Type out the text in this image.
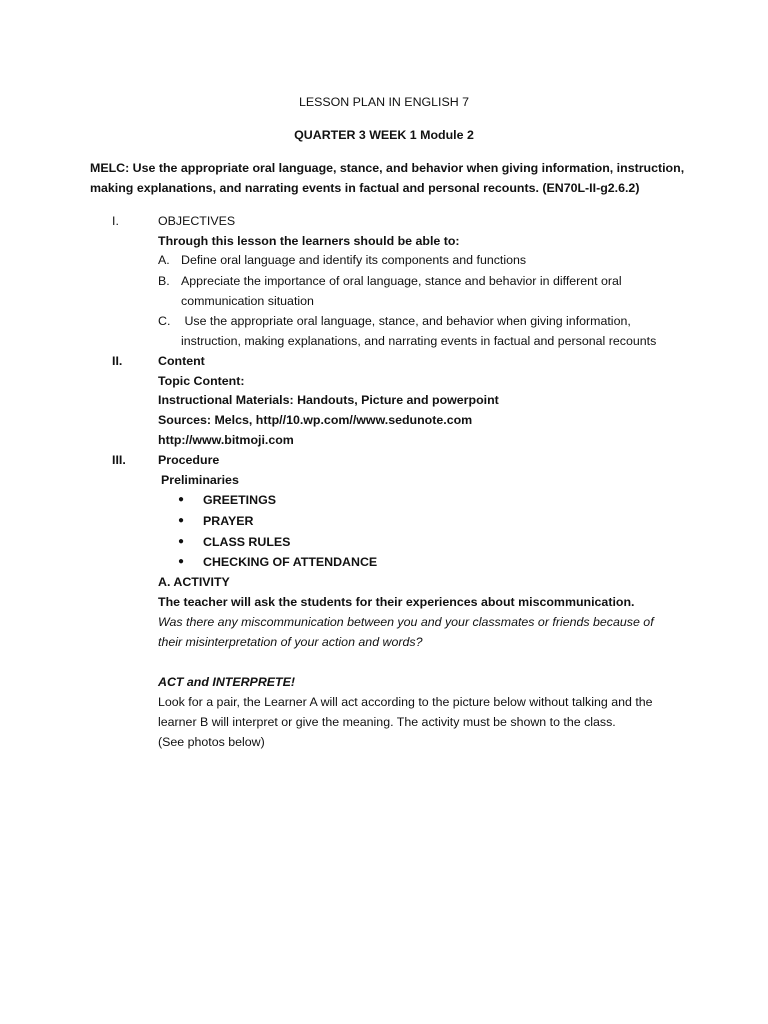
LESSON PLAN IN ENGLISH 7
QUARTER 3 WEEK 1 Module 2
MELC: Use the appropriate oral language, stance, and behavior when giving information, instruction,
making explanations, and narrating events in factual and personal recounts. (EN70L-II-g2.6.2)
I.	OBJECTIVES
Through this lesson the learners should be able to:
A. Define oral language and identify its components and functions
B. Appreciate the importance of oral language, stance and behavior in different oral
communication situation
C. Use the appropriate oral language, stance, and behavior when giving information,
instruction, making explanations, and narrating events in factual and personal recounts
II.	Content
Topic Content:
Instructional Materials: Handouts, Picture and powerpoint
Sources: Melcs, http//10.wp.com//www.sedunote.com
http://www.bitmoji.com
III.	Procedure
Preliminaries
● GREETINGS
● PRAYER
● CLASS RULES
● CHECKING OF ATTENDANCE
A. ACTIVITY
The teacher will ask the students for their experiences about miscommunication.
Was there any miscommunication between you and your classmates or friends because of
their misinterpretation of your action and words?
ACT and INTERPRETE!
Look for a pair, the Learner A will act according to the picture below without talking and the
learner B will interpret or give the meaning. The activity must be shown to the class.
(See photos below)
